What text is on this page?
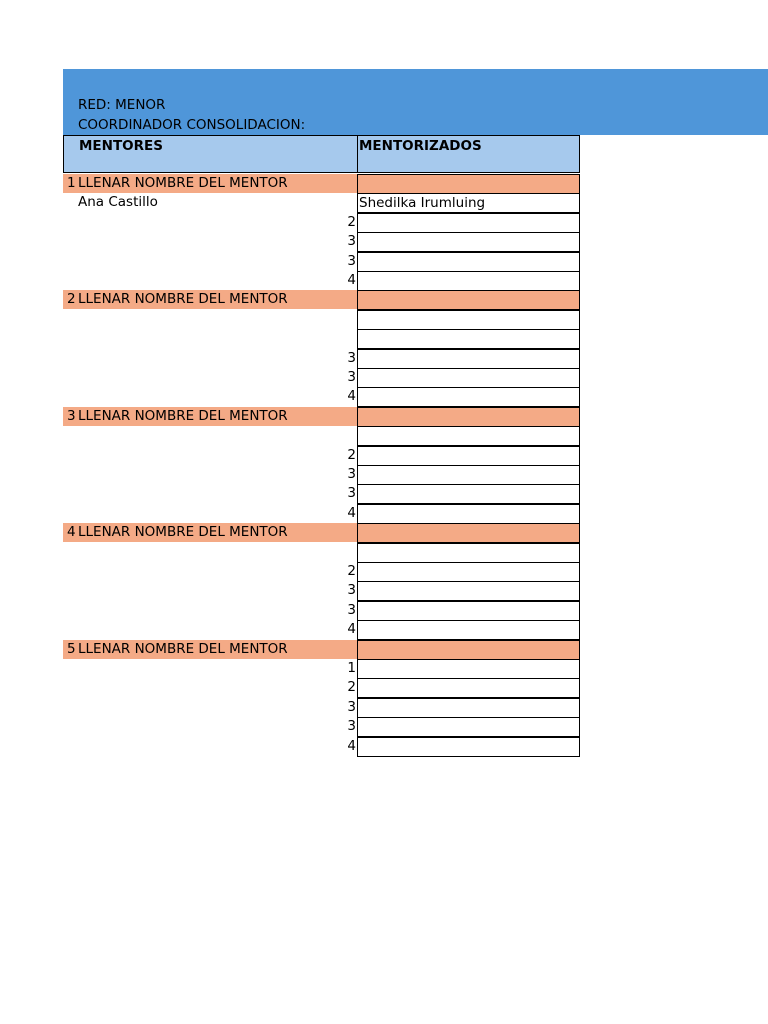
RED: MENOR
COORDINADOR CONSOLIDACION:
MENTORES	MENTORIZADOS
1 LLENAR NOMBRE DEL MENTOR
Ana Castillo	Shedilka Irumluing
2
3
3
4
2 LLENAR NOMBRE DEL MENTOR
3
3
4
3 LLENAR NOMBRE DEL MENTOR
2
3
3
4
4 LLENAR NOMBRE DEL MENTOR
2
3
3
4
5 LLENAR NOMBRE DEL MENTOR
1
2
3
3
4
